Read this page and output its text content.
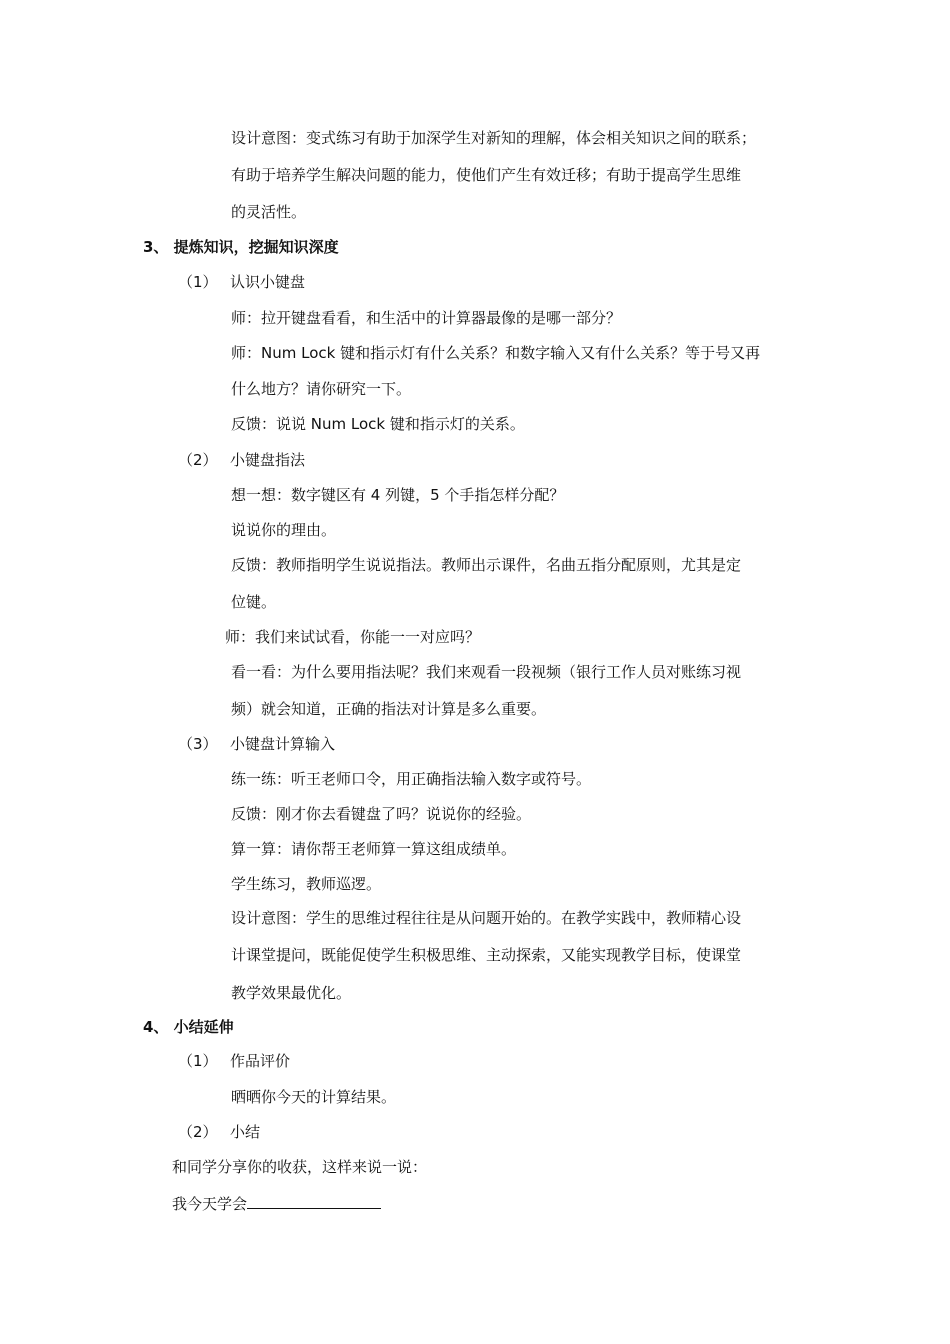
设计意图：变式练习有助于加深学生对新知的理解，体会相关知识之间的联系；
有助于培养学生解决问题的能力，使他们产生有效迁移；有助于提高学生思维
的灵活性。
3、 提炼知识，挖掘知识深度
（1） 认识小键盘
师：拉开键盘看看，和生活中的计算器最像的是哪一部分？
师：Num Lock 键和指示灯有什么关系？和数字输入又有什么关系？等于号又再
什么地方？请你研究一下。
反馈：说说 Num Lock 键和指示灯的关系。
（2） 小键盘指法
想一想：数字键区有 4 列键，5 个手指怎样分配？
说说你的理由。
反馈：教师指明学生说说指法。教师出示课件，名曲五指分配原则，尤其是定
位键。
师：我们来试试看，你能一一对应吗？
看一看：为什么要用指法呢？我们来观看一段视频（银行工作人员对账练习视
频）就会知道，正确的指法对计算是多么重要。
（3） 小键盘计算输入
练一练：听王老师口令，用正确指法输入数字或符号。
反馈：刚才你去看键盘了吗？说说你的经验。
算一算：请你帮王老师算一算这组成绩单。
学生练习，教师巡逻。
设计意图：学生的思维过程往往是从问题开始的。在教学实践中，教师精心设
计课堂提问，既能促使学生积极思维、主动探索，又能实现教学目标，使课堂
教学效果最优化。
4、 小结延伸
（1） 作品评价
晒晒你今天的计算结果。
（2） 小结
和同学分享你的收获，这样来说一说：
我今天学会
